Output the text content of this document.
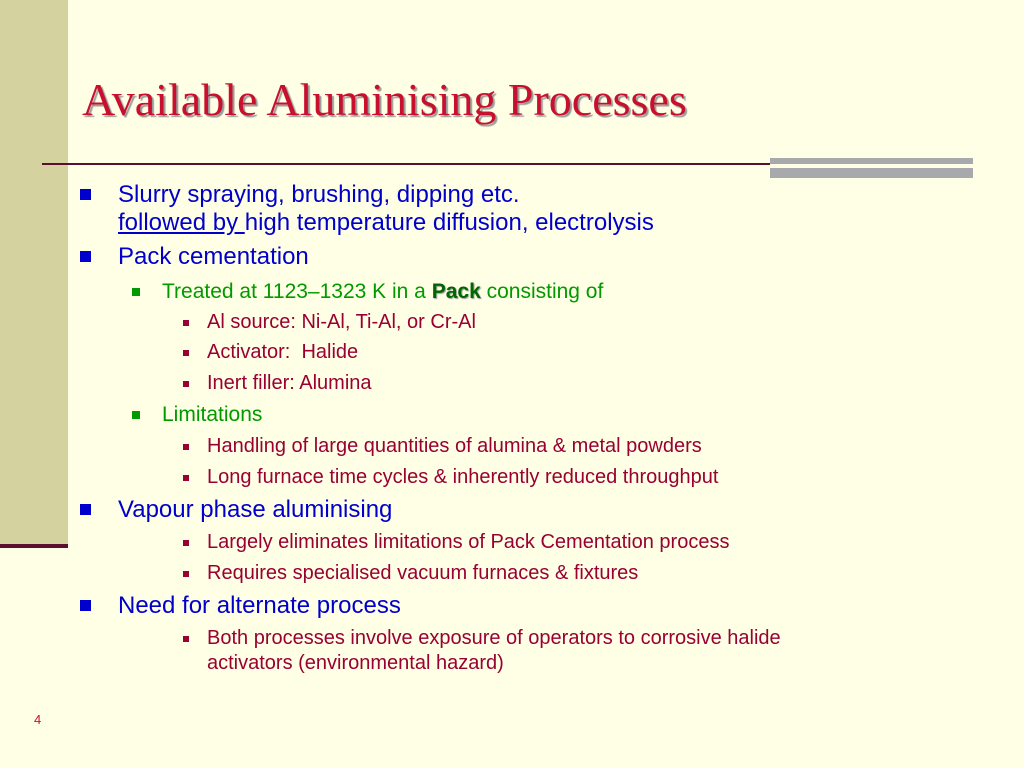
Available Aluminising Processes
Slurry spraying, brushing, dipping etc.
followed by high temperature diffusion, electrolysis
Pack cementation
Treated at 1123–1323 K in a Pack consisting of
Al source: Ni-Al, Ti-Al, or Cr-Al
Activator:  Halide
Inert filler: Alumina
Limitations
Handling of large quantities of alumina & metal powders
Long furnace time cycles & inherently reduced throughput
Vapour phase aluminising
Largely eliminates limitations of Pack Cementation process
Requires specialised vacuum furnaces & fixtures
Need for alternate process
Both processes involve exposure of operators to corrosive halide
activators (environmental hazard)
4
